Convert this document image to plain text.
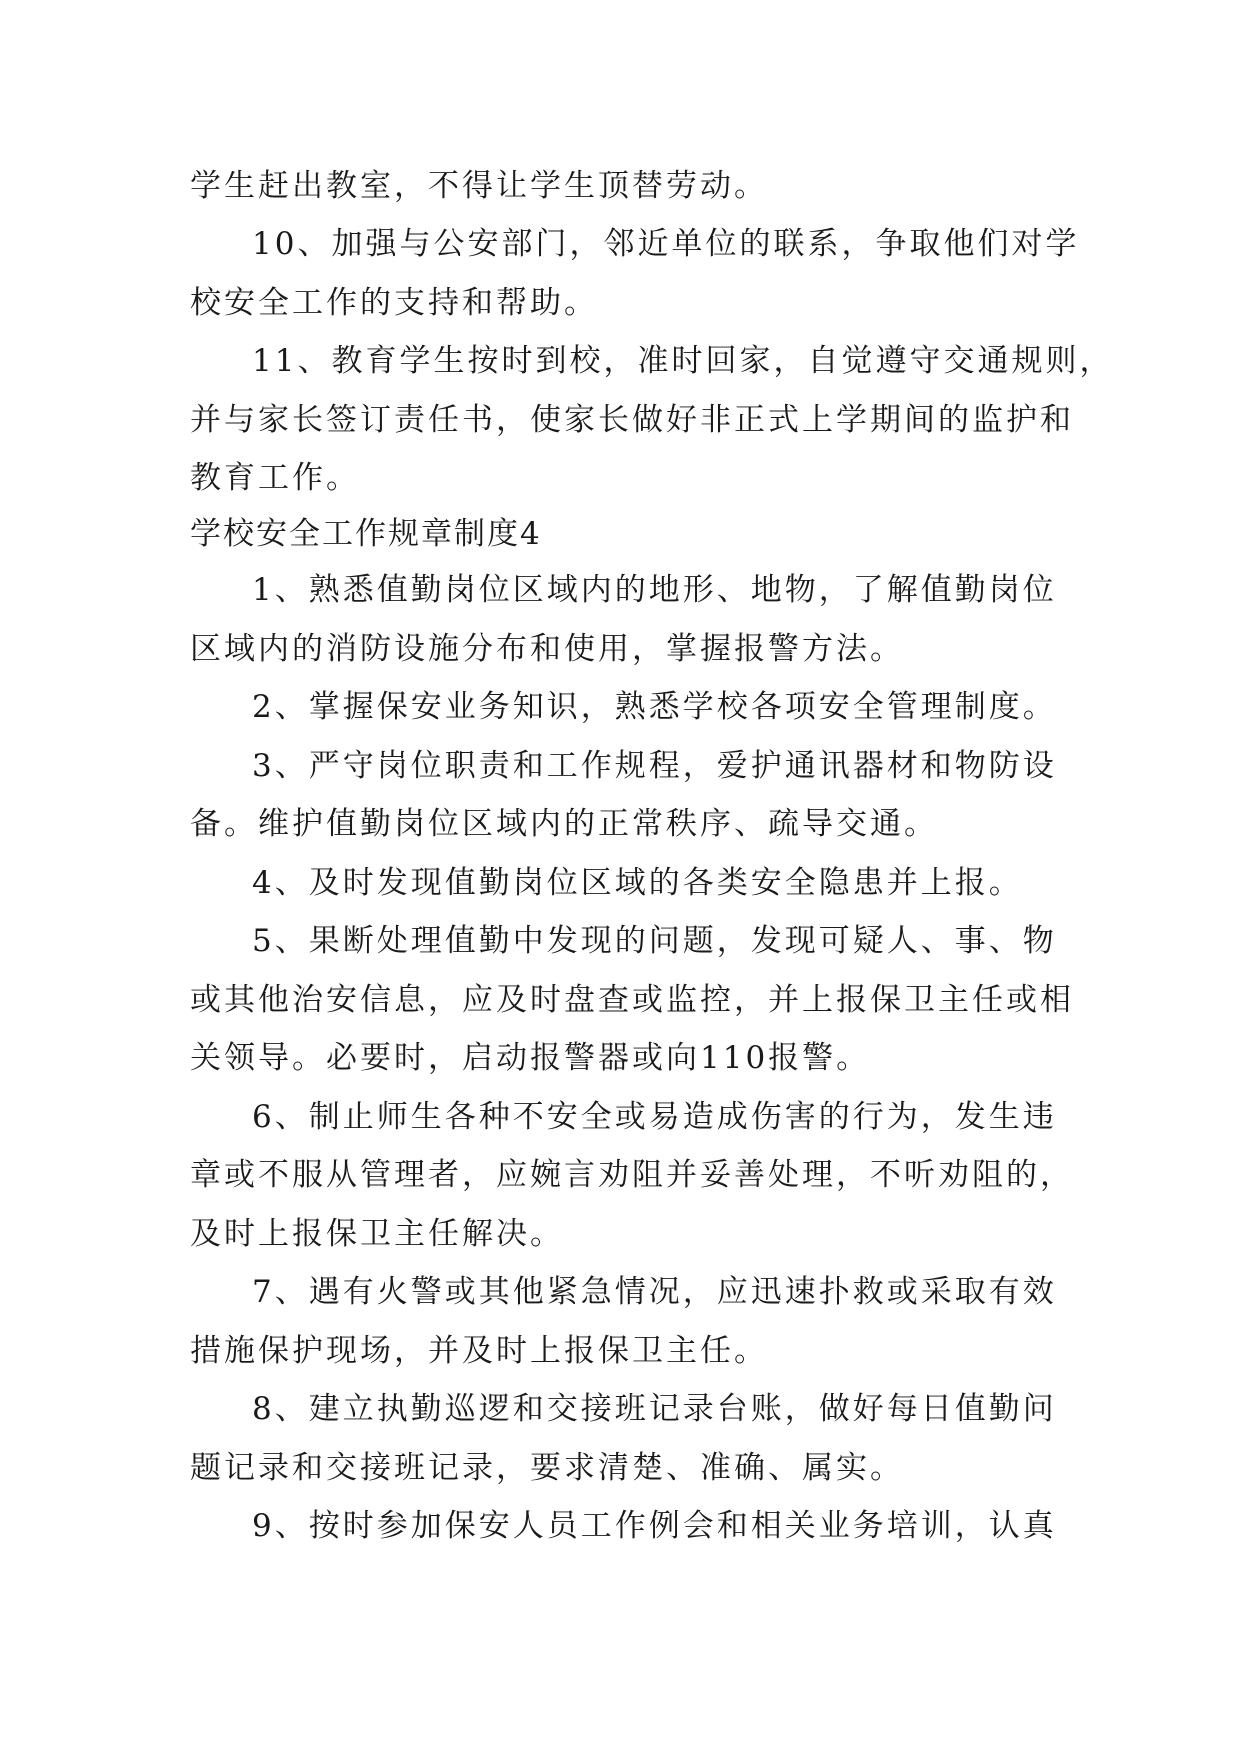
学生赶出教室，不得让学生顶替劳动。
10、加强与公安部门，邻近单位的联系，争取他们对学
校安全工作的支持和帮助。
11、教育学生按时到校，准时回家，自觉遵守交通规则，
并与家长签订责任书，使家长做好非正式上学期间的监护和
教育工作。
学校安全工作规章制度4
1、熟悉值勤岗位区域内的地形、地物，了解值勤岗位
区域内的消防设施分布和使用，掌握报警方法。
2、掌握保安业务知识，熟悉学校各项安全管理制度。
3、严守岗位职责和工作规程，爱护通讯器材和物防设
备。维护值勤岗位区域内的正常秩序、疏导交通。
4、及时发现值勤岗位区域的各类安全隐患并上报。
5、果断处理值勤中发现的问题，发现可疑人、事、物
或其他治安信息，应及时盘查或监控，并上报保卫主任或相
关领导。必要时，启动报警器或向110报警。
6、制止师生各种不安全或易造成伤害的行为，发生违
章或不服从管理者，应婉言劝阻并妥善处理，不听劝阻的，
及时上报保卫主任解决。
7、遇有火警或其他紧急情况，应迅速扑救或采取有效
措施保护现场，并及时上报保卫主任。
8、建立执勤巡逻和交接班记录台账，做好每日值勤问
题记录和交接班记录，要求清楚、准确、属实。
9、按时参加保安人员工作例会和相关业务培训，认真
